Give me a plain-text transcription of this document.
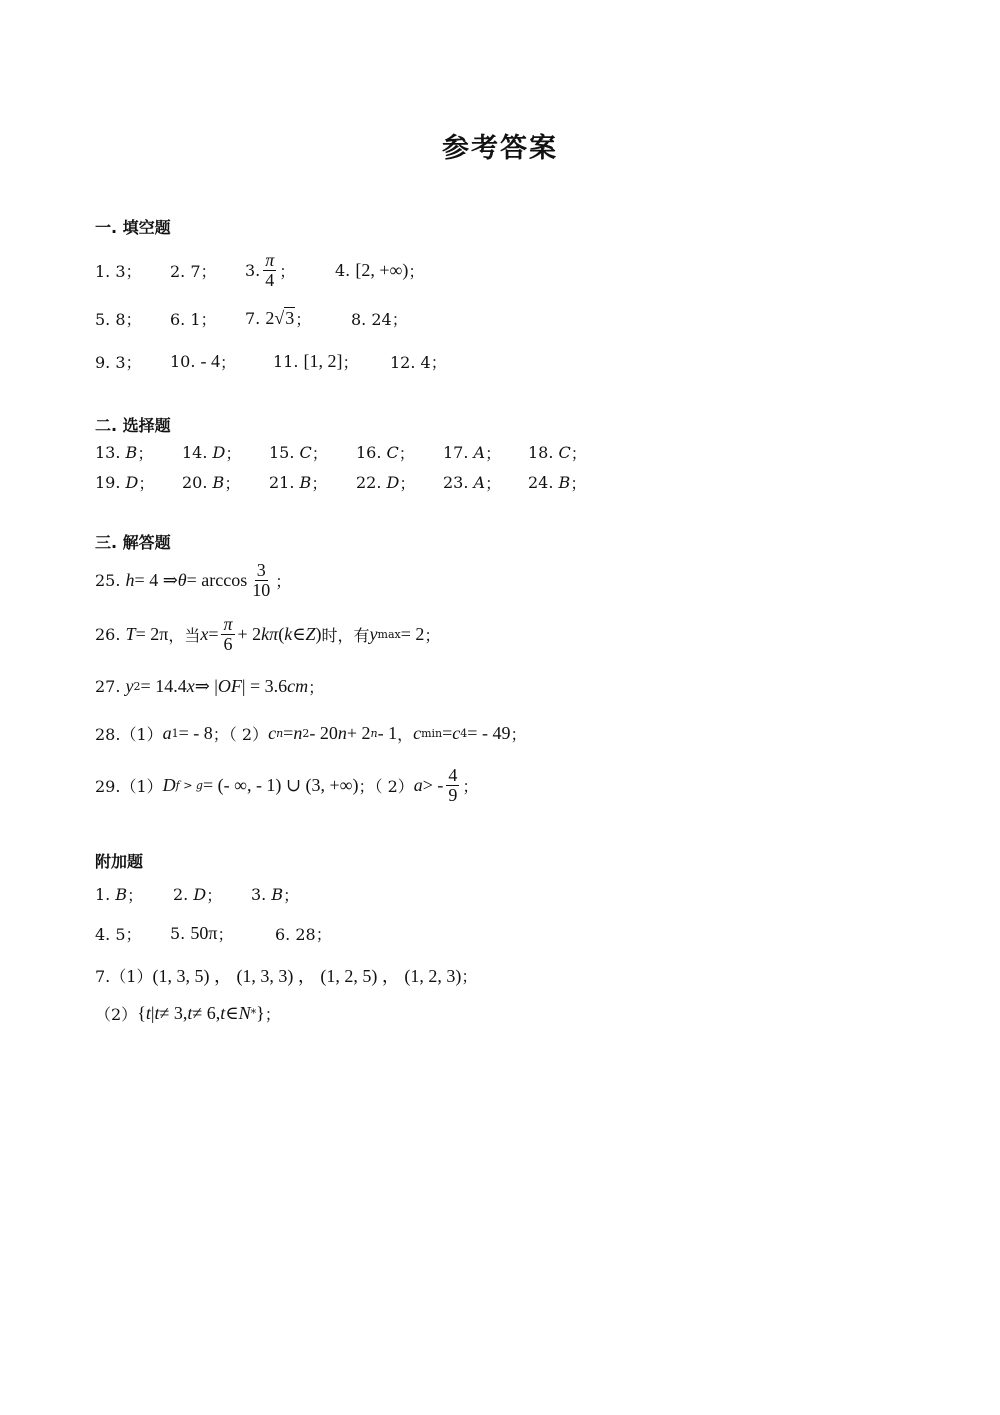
参考答案
一. 填空题
1. 3； 2. 7； 3. $\frac{\pi}{4}$ ； 4.
[2, +∞) ；
5. 8； 6. 1； 7.
2 √ 3 ； 8. 24；
9. 3； 10.
- 4 ； 11.
[1, 2] ； 12. 4；
二. 选择题
13.
B ； 14.
D ； 15.
C ； 16.
C ； 17.
A ； 18.
C ；
19.
D ； 20.
B ； 21.
B ； 22.
D ； 23.
A ； 24.
B ；
三. 解答题
25.
h = 4 ⇒ $\theta = \arccos \frac{3}{10}$ ；
26.
T = 2π ，当 $x = \frac{\pi}{6} + 2$ kπ ( k ∈ Z ) 时，有 y max = 2 ；
27.
y 2 = 14.4 x ⇒ | OF | = 3.6 cm ；
28.（1） a 1 = - 8 ；（ 2） c n = n 2 - 20 n + 2 n - 1 ， c min = c 4 = - 49 ；
29.（1） D f > g = (- ∞, - 1) ∪ (3, +∞) ；（ 2） a > - $\frac{4}{9}$ ；
附加题
1.
B ； 2.
D ； 3.
B ；
4. 5； 5.
50π ；	6. 28；
7.（1） (1, 3, 5) ， (1, 3, 3) ， (1, 2, 5) ， (1, 2, 3) ；
（2） { t | t ≠ 3, t ≠ 6, t ∈ N * } ；
